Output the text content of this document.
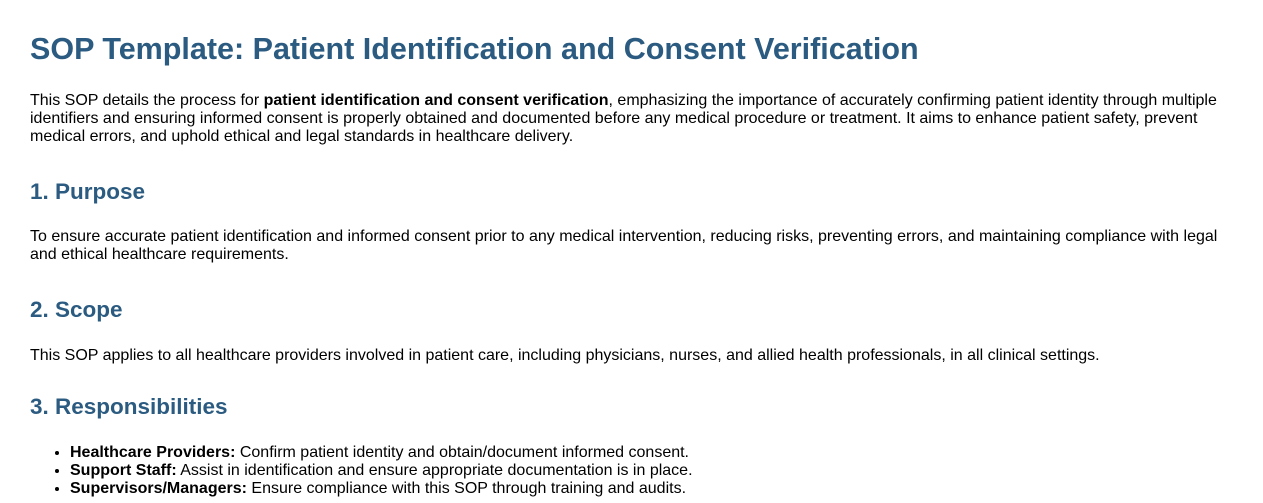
SOP Template: Patient Identification and Consent Verification

This SOP details the process for patient identification and consent verification, emphasizing the importance of accurately confirming patient identity through multiple identifiers and ensuring informed consent is properly obtained and documented before any medical procedure or treatment. It aims to enhance patient safety, prevent medical errors, and uphold ethical and legal standards in healthcare delivery.

1. Purpose

To ensure accurate patient identification and informed consent prior to any medical intervention, reducing risks, preventing errors, and maintaining compliance with legal and ethical healthcare requirements.

2. Scope

This SOP applies to all healthcare providers involved in patient care, including physicians, nurses, and allied health professionals, in all clinical settings.

3. Responsibilities
• Healthcare Providers: Confirm patient identity and obtain/document informed consent.
• Support Staff: Assist in identification and ensure appropriate documentation is in place.
• Supervisors/Managers: Ensure compliance with this SOP through training and audits.
